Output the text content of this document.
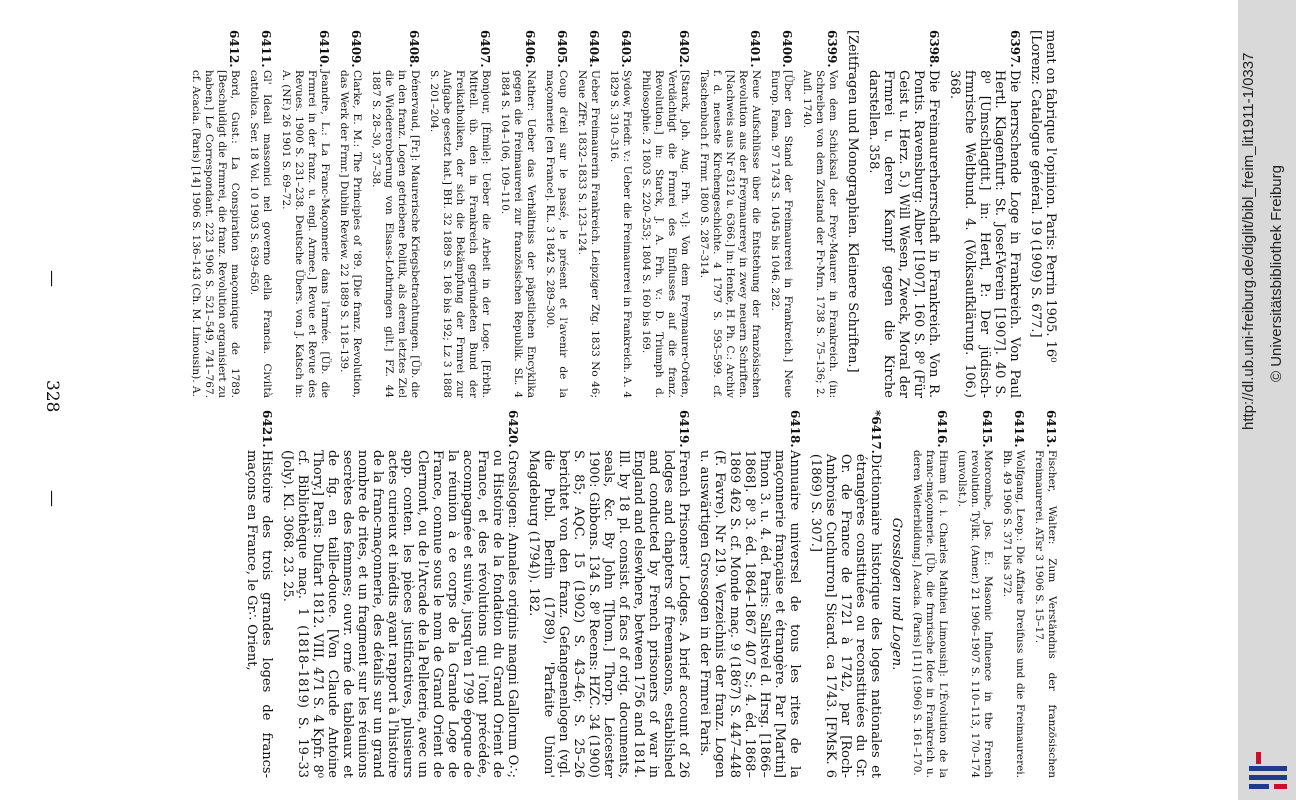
—
328
—
ment on fabrique l'opinion. Paris: Perrin 1905. 16⁰ [Lorenz: Catalogue général. 19 (1909) S. 677.]
6397.
Die herrschende Loge in Frankreich. Von Paul Hertl. Klagenfurt: St. Josef-Verein [1907]. 40 S. 8⁰ [Umschlagtit.] in: Hertl, P.: Der jüdisch-frmrische Weltbund. 4. (Volksaufklärung. 106.) 368.
6398.
Die Freimaurerherrschaft in Frankreich. Von R. Pontis. Ravensburg: Alber [1907]. 160 S. 8⁰ (Für Geist u. Herz. 5.) Will Wesen, Zweck, Moral der Frmrei u. deren Kampf gegen die Kirche darstellen. 358.
[Zeitfragen und Monographien. Kleinere Schriften.]
6399.
Von dem Schicksal der Frey-Maurer in Frankreich. (in: Schreiben von dem Zustand der Fr-Mrn. 1738 S. 75–136; 2. Aufl. 1740.
6400.
[Über den Stand der Freimaurerei in Frankreich.] Neue Europ. Fama. 97 1743 S. 1045 bis 1046. 282.
6401.
Neue Aufschlüsse über die Entstehung der französischen Revolution aus der Freymaurerey in zwey neuern Schriften. [Nachweis aus Nr 6312 u. 6366.] in: Henke, H. Ph. C.: Archiv f. d. neueste Kirchengeschichte. 4 1797 S. 593–599. cf. Taschenbuch f. Frmr. 1800 S. 287–314.
6402.
[Starck, Joh. Aug. Frh. v.]: Von dem Freymaurer-Orden, Verdächtigt die Frmrei des Einflusses auf die franz. Revolution.] in: Starck, J. A. Frh. v.: D. Triumph d. Philosophie. 2 1803 S. 220–253; 1804 S. 160 bis 169.
6403.
Sydow, Friedr. v.: Ueber die Freimaurerei in Frankreich. A. 4 1829 S. 310–316.
6404.
Ueber Freimaurerin Frankreich. Leipziger Ztg. 1833 No 46; Neue ZfFr. 1832–1833 S. 123–124.
6405.
Coup d'œil sur le passé, le présent et l'avenir de la maçonnerie [en France]. RL. 3 1842 S. 289–300.
6406.
Nather: Ueber das Verhältniss der päpstlichen Encyklika gegen die Freimaurerei zur französischen Republik. SL. 4 1884 S. 104–106, 109–110.
6407.
Bonjour, [Émile]: Ueber die Arbeit in der Loge. [Erbth. Mittell. üb. den in Frankreich gegründeten Bund der Freikatholiken, der sich die Bekämpfung der Frmrei zur Aufgabe gesetzt hat.] BH. 32 1889 S. 186 bis 192; Lz 3 1888 S. 201–204.
6408.
Dénervaud, [Fr.]: Maurerische Kriegsbetrachtungen. [Üb. die in den franz. Logen getriebene Politik, als deren letztes Ziel die Wiedereroberung von Elsass-Lothringen gilt.] FZ. 44 1887 S. 28–30, 37–38.
6409.
Clarke, E. M.: The Principles of '89. [Die franz. Revolution, das Werk der Frmr.] Dublin Review. 22 1889 S. 118–139.
6410.
Jeandre, L.: La Franc-Maçonnerie dans l'armée. [Üb. die Frmrei in der franz. u. engl. Armee.] Revue et Revue des Revues. 1900 S. 231–238. Deutsche Übers. von J. Katsch in: A. (NF.) 26 1901 S. 69–72.
6411.
Gl' Ideali massonici nel governo della Francia. Civiltà cattolica. Ser. 18 Vol. 10 1903 S. 639–650.
6412.
Bord, Gust.: La Conspiration maçonnique de 1789. [Beschuldigt die Frmrei, die franz. Revolution organisiert zu haben.] Le Correspondant. 223 1906 S. 521–549, 741–767. cf. Acacia. (Paris) [14] 1906 S. 136–143 (Ch. M. Limousin). A.
6413.
Fischer, Walter: Zum Verständnis der französischen Freimaurerei. ATsr 3 1906 S. 15–17.
6414.
Wolfgang, Leop.: Die Affaire Dreifuss und die Freimaurerei. Bh. 49 1906 S. 371 bis 372.
6415.
Morcombe, Jos. E.: Masonic Influence in the French revolution. Tylkt. (Amer.) 21 1906–1907 S. 110–113, 170–174 (unvollst.).
6416.
Hiram [d. i. Charles Mathieu Limousin]: L'Évolution de la franc-maçonnerie. [Üb. die frmrische Idee in Frankreich u. deren Weiterbildung.] Acacia. (Paris) [11] (1906) S. 161–170.
Grosslogen und Logen.
*6417.
Dictionnaire historique des loges nationales et étrangères constituées ou reconstituées du Gr. Or. de France de 1721 à 1742, par [Roch-Ambroise Cuchurron] Sicard. ca 1743. [FMsK. 6 (1869) S. 307.]
6418.
Annuaire universel de tous les rites de la maçonnerie française et étrangère. Par [Martin] Pinon 3. u. 4. éd. Paris: Sallstvel d. Hrsg. [1866–1868]. 8⁰ 3. éd. 1864–1867 407 S.; 4. éd. 1868–1869 462 S. cf. Monde maç. 9 (1867) S. 447–448 (F. Favre). Nr 219. Verzeichnis der franz. Logen u. auswärtigen Grossogen in der Frmrei Paris.
6419.
French Prisoners' Lodges. A brief account of 26 lodges and chapters of freemasons, established and conducted by French prisoners of war in England and elsewhere, between 1756 and 1814. Ill. by 18 pl. consist. of facs of orig. documents, seals, &c. By John T[hom.] Thorp. Leicester 1900: Gibbons. 134 S. 8⁰ Recens: HZC. 34 (1900) S. 85; AQC. 15 (1902) S. 43–46; S. 25–26 berichtet von den franz. Gefangenenlogen (vgl. die Publ. Berlin (1789), 'Parfaite Union' Magdeburg (1794)). 182.
6420.
Grosslogen: Annales originis magni Gallorum O∴; ou Histoire de la fondation du Grand Orient de France, et des révolutions qui l'ont précédée, accompagnée et suivie, jusqu'en 1799 époque de la réunion à ce corps de la Grande Loge de France, connue sous le nom de Grand Orient de Clermont, ou de l'Arcade de la Pelleterie, avec un app. conten. les pièces justificatives, plusieurs actes curieux et inédits ayant rapport à l'histoire de la franc-maçonnerie, des détails sur un grand nombre de rites, et un fragment sur les réunions secrètes des femmes; ouvr. orné de tableaux et de fig. en taille-douce. [Von Claude Antoine Thory.] Paris: Dufart 1812. VIII, 471 S. 4 Kpfr. 8⁰ cf. Bibliothèque maç. 1 (1818–1819) S. 19–33 (Joly). Kl. 3068. 23. 25.
6421.
Histoire des trois grandes loges de francs-maçons en France, le Gr∴ Orient,
http://dl.ub.uni-freiburg.de/diglit/bibl_freim_lit1911-1/0337 © Universitätsbibliothek Freiburg
